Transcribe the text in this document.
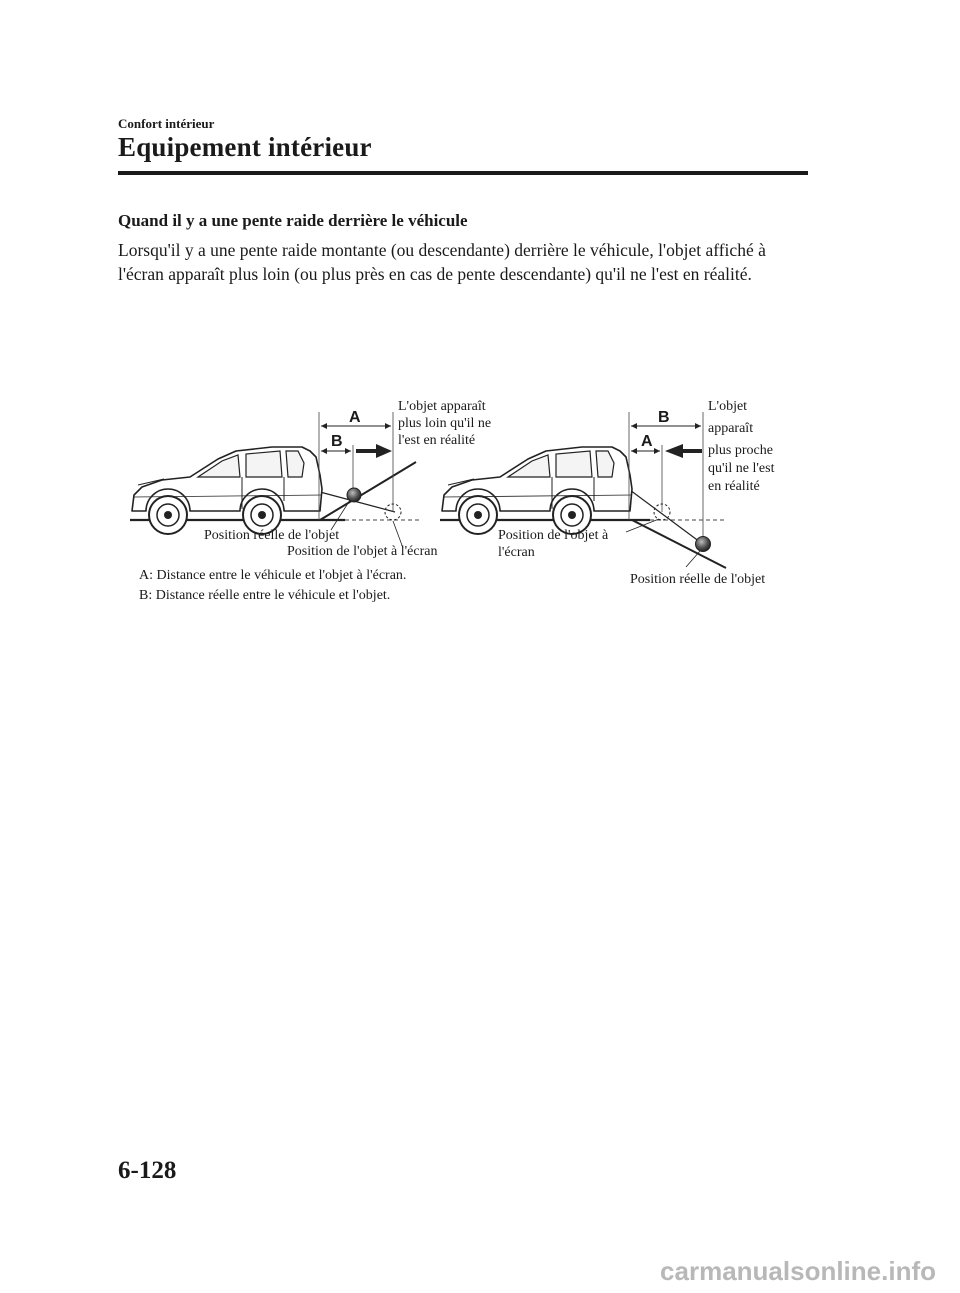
Confort intérieur
Equipement intérieur
Quand il y a une pente raide derrière le véhicule
Lorsqu'il y a une pente raide montante (ou descendante) derrière le véhicule, l'objet affiché à l'écran apparaît plus loin (ou plus près en cas de pente descendante) qu'il ne l'est en réalité.
A
B
L'objet apparaît
plus loin qu'il ne
l'est en réalité
Position réelle de l'objet
Position de l'objet à l'écran
A: Distance entre le véhicule et l'objet à l'écran.
B: Distance réelle entre le véhicule et l'objet.
B
A
L'objet
apparaît
plus proche
qu'il ne l'est
en réalité
Position de l'objet à
l'écran
Position réelle de l'objet
6-128
carmanualsonline.info
